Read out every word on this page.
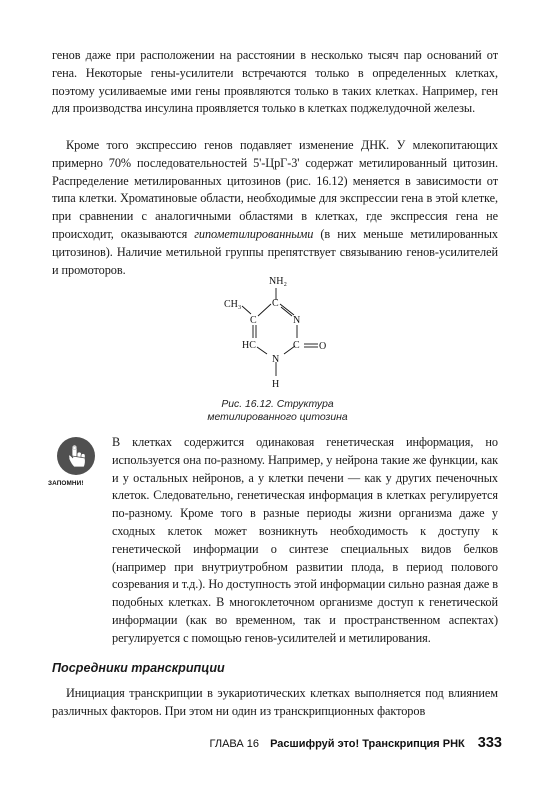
генов даже при расположении на расстоянии в несколько тысяч пар оснований от гена. Некоторые гены-усилители встречаются только в определенных клетках, поэтому усиливаемые ими гены проявляются только в таких клетках. Например, ген для производства инсулина проявляется только в клетках поджелудочной железы.

Кроме того экспрессию генов подавляет изменение ДНК. У млекопитающих примерно 70% последовательностей 5'-ЦрГ-3' содержат метилированный цитозин. Распределение метилированных цитозинов (рис. 16.12) меняется в зависимости от типа клетки. Хроматиновые области, необходимые для экспрессии гена в этой клетке, при сравнении с аналогичными областями в клетках, где экспрессия гена не происходит, оказываются гипометилированными (в них меньше метилированных цитозинов). Наличие метильной группы препятствует связыванию генов-усилителей и промоторов.

NH₂
CH₃	C
C	N
HC	C O
N
H
Рис. 16.12. Структура метилированного цитозина
ЗАПОМНИ!

В клетках содержится одинаковая генетическая информация, но используется она по-разному. Например, у нейрона такие же функции, как и у остальных нейронов, а у клетки печени — как у других печеночных клеток. Следовательно, генетическая информация в клетках регулируется по-разному. Кроме того в разные периоды жизни организма даже у сходных клеток может возникнуть необходимость к доступу к генетической информации о синтезе специальных видов белков (например при внутриутробном развитии плода, в период полового созревания и т.д.). Но доступность этой информации сильно разная даже в подобных клетках. В многоклеточном организме доступ к генетической информации (как во временном, так и пространственном аспектах) регулируется с помощью генов-усилителей и метилирования.

Посредники транскрипции

Инициация транскрипции в эукариотических клетках выполняется под влиянием различных факторов. При этом ни один из транскрипционных факторов

ГЛАВА 16 Расшифруй это! Транскрипция РНК 333
